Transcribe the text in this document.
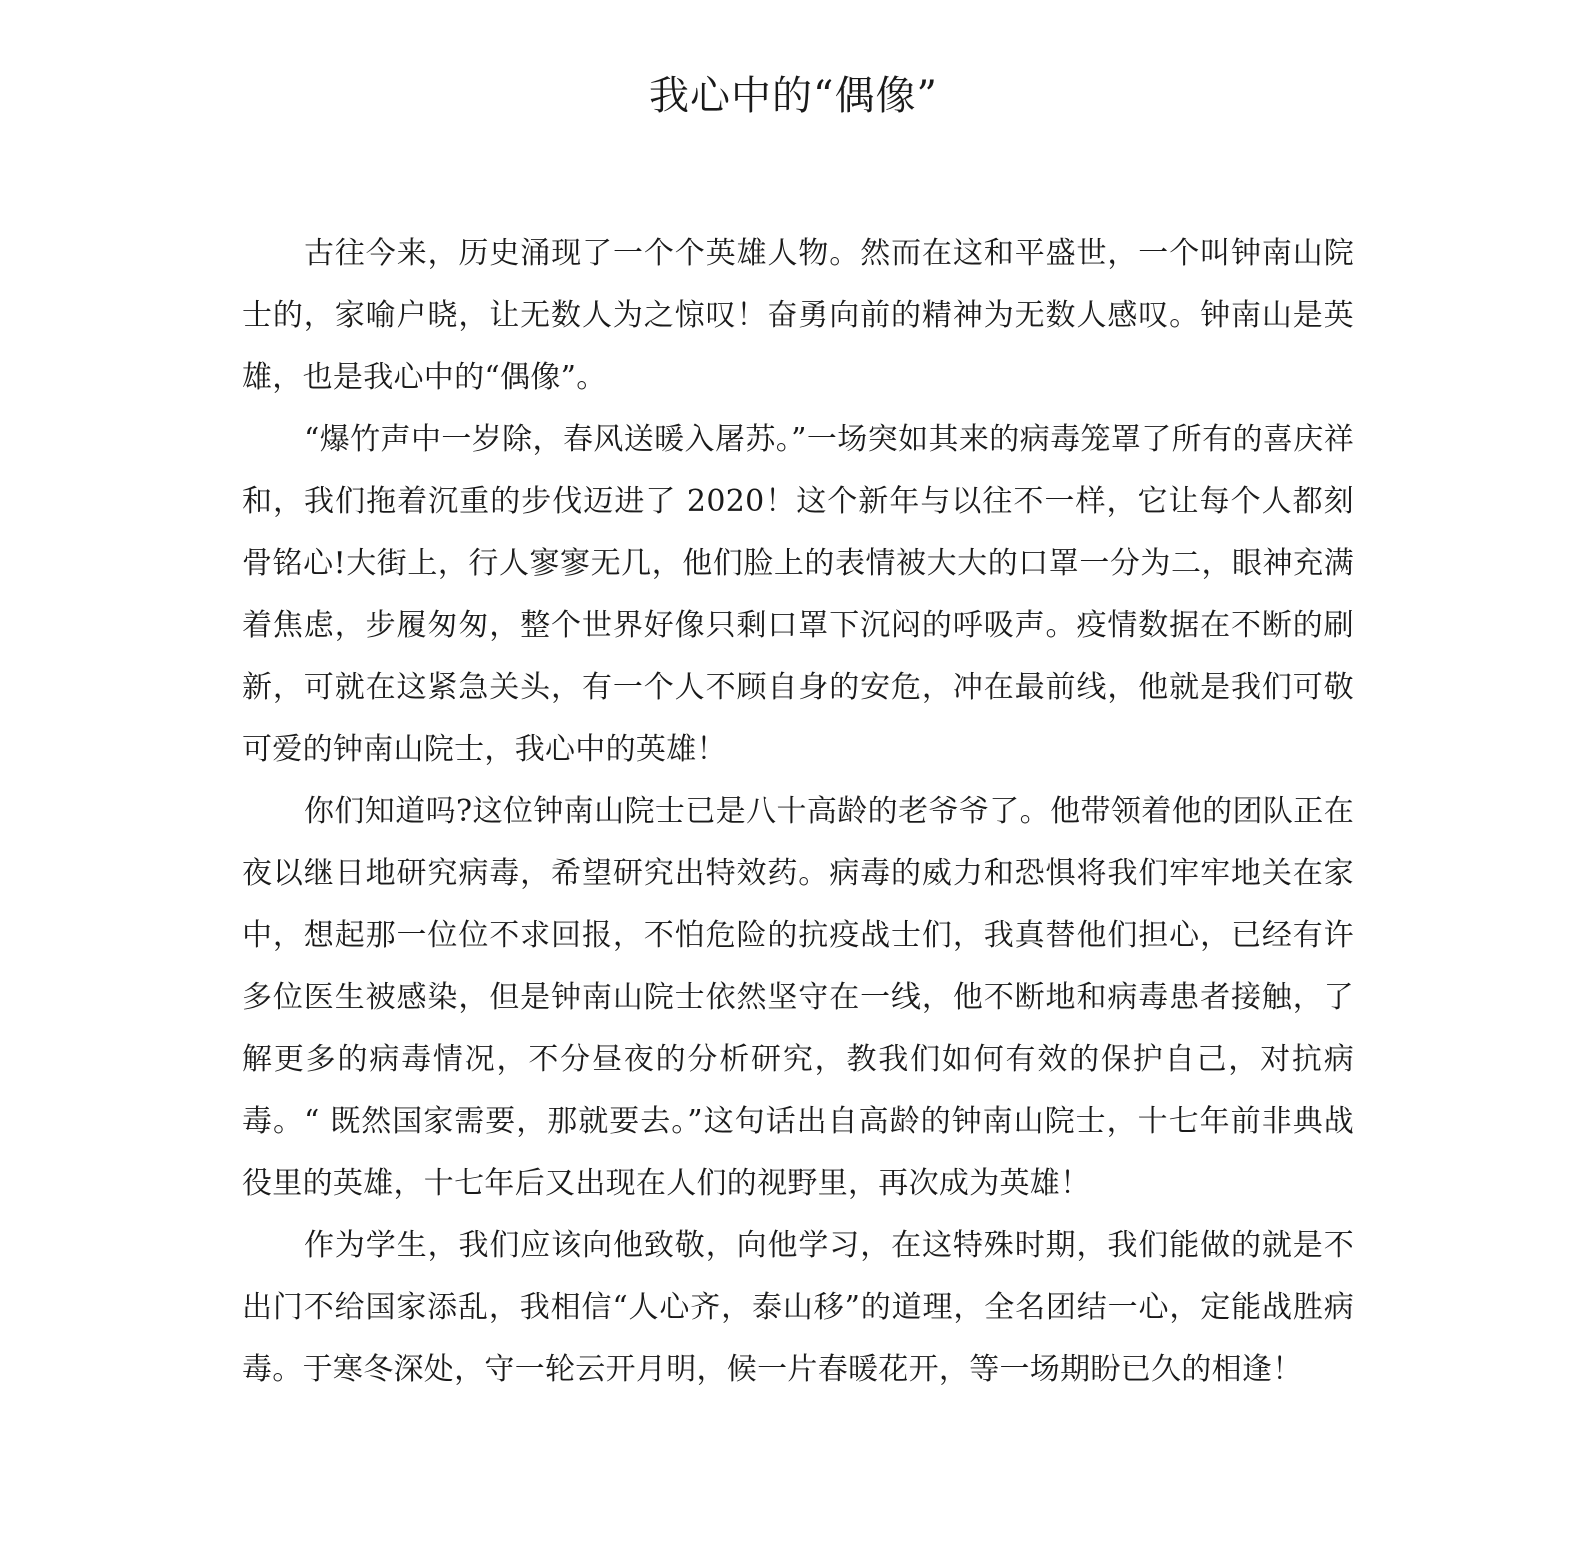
我心中的“偶像”

古往今来，历史涌现了一个个英雄人物。然而在这和平盛世，一个叫钟南山院士的，家喻户晓，让无数人为之惊叹！奋勇向前的精神为无数人感叹。钟南山是英雄，也是我心中的“偶像”。

“爆竹声中一岁除，春风送暖入屠苏。”一场突如其来的病毒笼罩了所有的喜庆祥和，我们拖着沉重的步伐迈进了 2020！这个新年与以往不一样，它让每个人都刻骨铭心!大街上，行人寥寥无几，他们脸上的表情被大大的口罩一分为二，眼神充满着焦虑，步履匆匆，整个世界好像只剩口罩下沉闷的呼吸声。疫情数据在不断的刷新，可就在这紧急关头，有一个人不顾自身的安危，冲在最前线，他就是我们可敬可爱的钟南山院士，我心中的英雄！

你们知道吗?这位钟南山院士已是八十高龄的老爷爷了。他带领着他的团队正在夜以继日地研究病毒，希望研究出特效药。病毒的威力和恐惧将我们牢牢地关在家中，想起那一位位不求回报，不怕危险的抗疫战士们，我真替他们担心，已经有许多位医生被感染，但是钟南山院士依然坚守在一线，他不断地和病毒患者接触，了解更多的病毒情况，不分昼夜的分析研究，教我们如何有效的保护自己，对抗病毒。“ 既然国家需要，那就要去。”这句话出自高龄的钟南山院士，十七年前非典战役里的英雄，十七年后又出现在人们的视野里，再次成为英雄！

作为学生，我们应该向他致敬，向他学习，在这特殊时期，我们能做的就是不出门不给国家添乱，我相信“人心齐，泰山移”的道理，全名团结一心，定能战胜病毒。于寒冬深处，守一轮云开月明，候一片春暖花开，等一场期盼已久的相逢！
